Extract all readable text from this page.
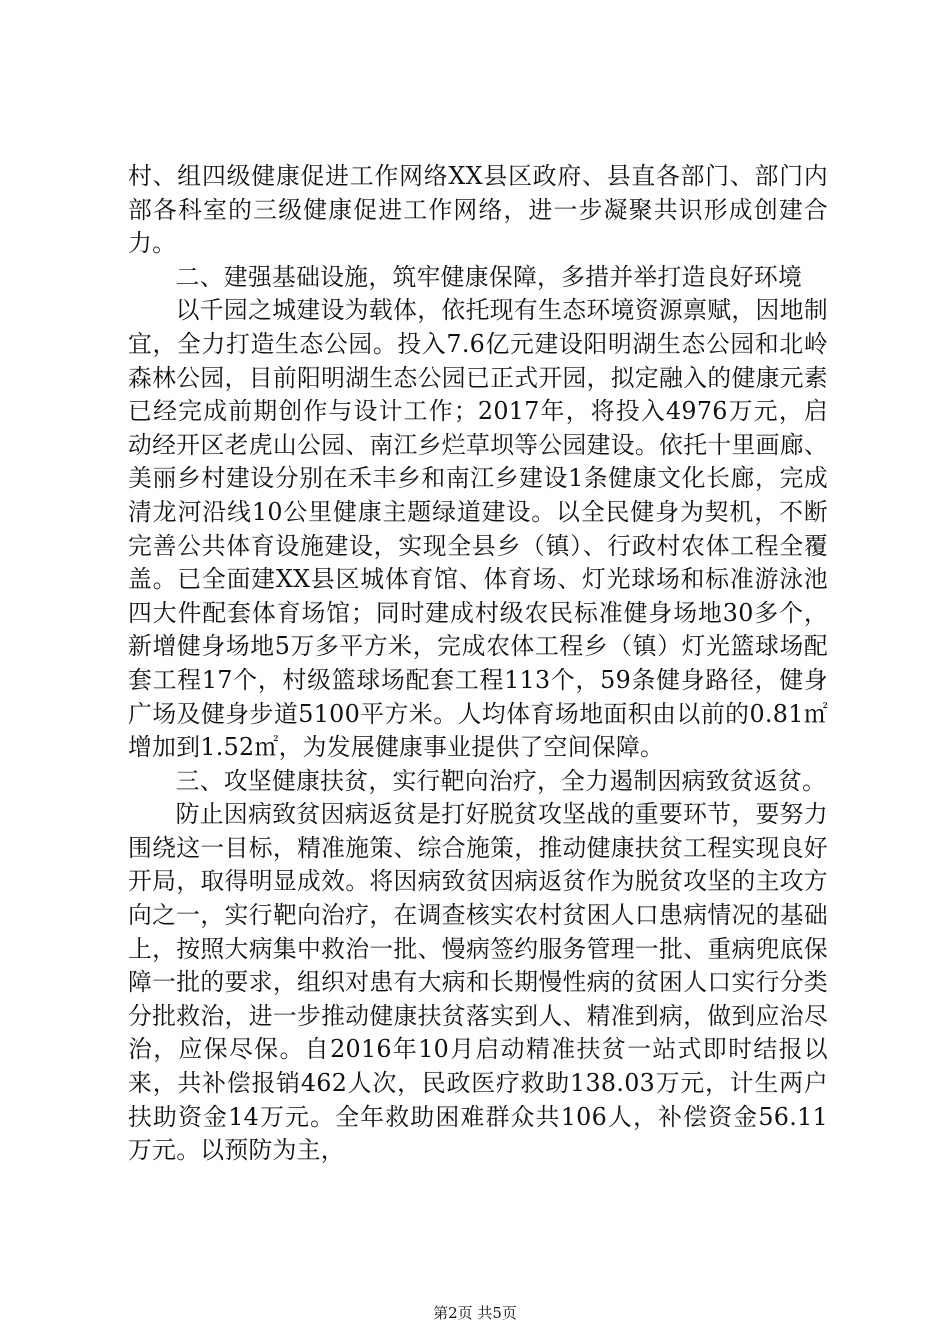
村、组四级健康促进工作网络XX县区政府、县直各部门、部门内部各科室的三级健康促进工作网络，进一步凝聚共识形成创建合力。

二、建强基础设施，筑牢健康保障，多措并举打造良好环境

以千园之城建设为载体，依托现有生态环境资源禀赋，因地制宜，全力打造生态公园。投入7.6亿元建设阳明湖生态公园和北岭森林公园，目前阳明湖生态公园已正式开园，拟定融入的健康元素已经完成前期创作与设计工作；2017年，将投入4976万元，启动经开区老虎山公园、南江乡烂草坝等公园建设。依托十里画廊、美丽乡村建设分别在禾丰乡和南江乡建设1条健康文化长廊，完成清龙河沿线10公里健康主题绿道建设。以全民健身为契机，不断完善公共体育设施建设，实现全县乡（镇）、行政村农体工程全覆盖。已全面建XX县区城体育馆、体育场、灯光球场和标准游泳池四大件配套体育场馆；同时建成村级农民标准健身场地30多个，新增健身场地5万多平方米，完成农体工程乡（镇）灯光篮球场配套工程17个，村级篮球场配套工程113个，59条健身路径，健身广场及健身步道5100平方米。人均体育场地面积由以前的0.81㎡增加到1.52㎡，为发展健康事业提供了空间保障。

三、攻坚健康扶贫，实行靶向治疗，全力遏制因病致贫返贫。

防止因病致贫因病返贫是打好脱贫攻坚战的重要环节，要努力围绕这一目标，精准施策、综合施策，推动健康扶贫工程实现良好开局，取得明显成效。将因病致贫因病返贫作为脱贫攻坚的主攻方向之一，实行靶向治疗，在调查核实农村贫困人口患病情况的基础上，按照大病集中救治一批、慢病签约服务管理一批、重病兜底保障一批的要求，组织对患有大病和长期慢性病的贫困人口实行分类分批救治，进一步推动健康扶贫落实到人、精准到病，做到应治尽治，应保尽保。自2016年10月启动精准扶贫一站式即时结报以来，共补偿报销462人次，民政医疗救助138.03万元，计生两户扶助资金14万元。全年救助困难群众共106人，补偿资金56.11万元。以预防为主，

第2页 共5页
